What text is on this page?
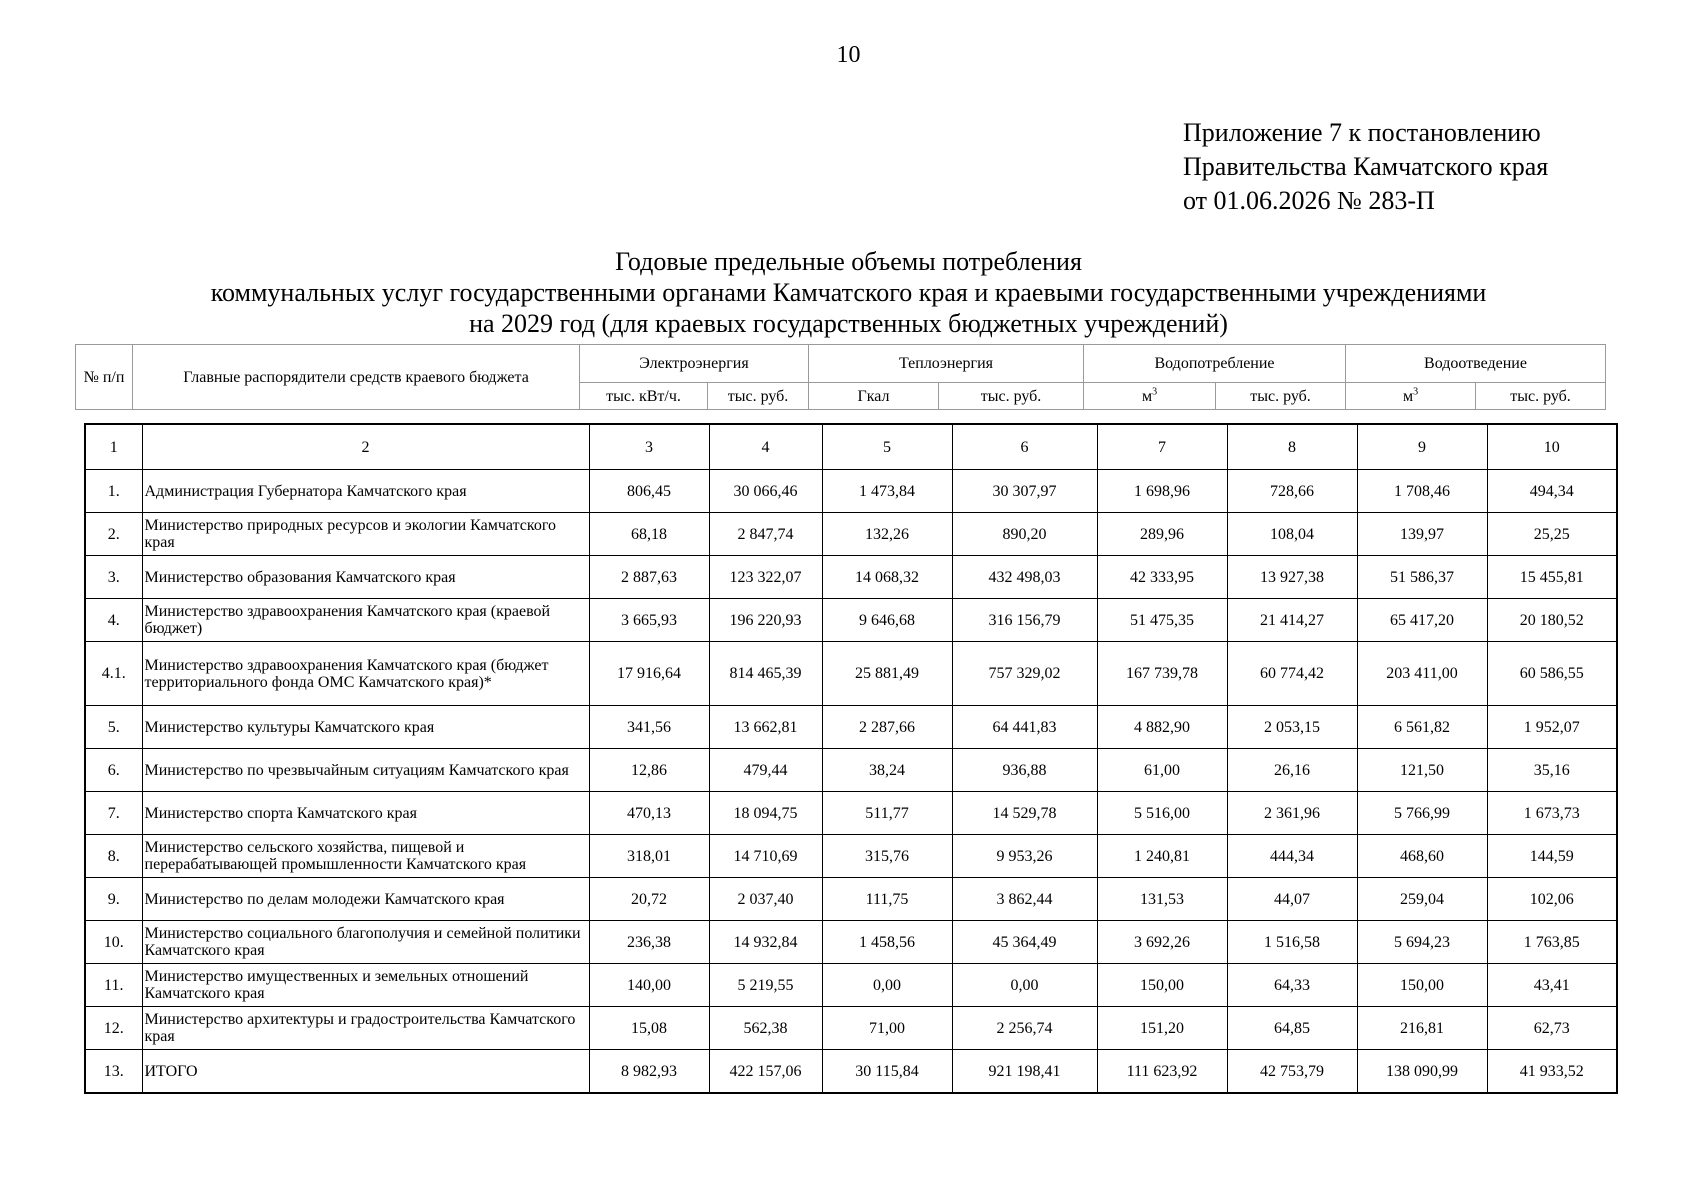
10
Приложение 7 к постановлению
Правительства Камчатского края
от 01.06.2026 № 283-П
Годовые предельные объемы потребления
коммунальных услуг государственными органами Камчатского края и краевыми государственными учреждениями
на 2029 год (для краевых государственных бюджетных учреждений)
№ п/п	Главные распорядители средств краевого бюджета	Электроэнергия		Теплоэнергия		Водопотребление		Водоотведение	
		тыс. кВт/ч.	тыс. руб.	Гкал	тыс. руб.	$м^3$	тыс. руб.	$м^3$	тыс. руб.
1	2	3	4	5	6	7	8	9	10
1.	Администрация Губернатора Камчатского края	806,45	30 066,46	1 473,84	30 307,97	1 698,96	728,66	1 708,46	494,34
2.	Министерство природных ресурсов и экологии Камчатского края	68,18	2 847,74	132,26	890,20	289,96	108,04	139,97	25,25
3.	Министерство образования Камчатского края	2 887,63	123 322,07	14 068,32	432 498,03	42 333,95	13 927,38	51 586,37	15 455,81
4.	Министерство здравоохранения Камчатского края (краевой бюджет)	3 665,93	196 220,93	9 646,68	316 156,79	51 475,35	21 414,27	65 417,20	20 180,52
4.1.	Министерство здравоохранения Камчатского края (бюджет территориального фонда ОМС Камчатского края)*	17 916,64	814 465,39	25 881,49	757 329,02	167 739,78	60 774,42	203 411,00	60 586,55
5.	Министерство культуры Камчатского края	341,56	13 662,81	2 287,66	64 441,83	4 882,90	2 053,15	6 561,82	1 952,07
6.	Министерство по чрезвычайным ситуациям Камчатского края	12,86	479,44	38,24	936,88	61,00	26,16	121,50	35,16
7.	Министерство спорта Камчатского края	470,13	18 094,75	511,77	14 529,78	5 516,00	2 361,96	5 766,99	1 673,73
8.	Министерство сельского хозяйства, пищевой и перерабатывающей промышленности Камчатского края	318,01	14 710,69	315,76	9 953,26	1 240,81	444,34	468,60	144,59
9.	Министерство по делам молодежи Камчатского края	20,72	2 037,40	111,75	3 862,44	131,53	44,07	259,04	102,06
10.	Министерство социального благополучия и семейной политики Камчатского края	236,38	14 932,84	1 458,56	45 364,49	3 692,26	1 516,58	5 694,23	1 763,85
11.	Министерство имущественных и земельных отношений Камчатского края	140,00	5 219,55	0,00	0,00	150,00	64,33	150,00	43,41
12.	Министерство архитектуры и градостроительства Камчатского края	15,08	562,38	71,00	2 256,74	151,20	64,85	216,81	62,73
13.	ИТОГО	8 982,93	422 157,06	30 115,84	921 198,41	111 623,92	42 753,79	138 090,99	41 933,52
